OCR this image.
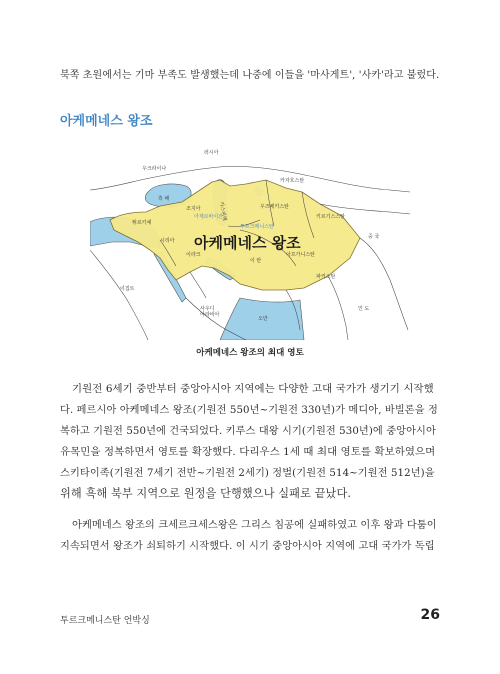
북쪽 초원에서는 기마 부족도 발생했는데 나중에 이들을 '마사게트', '사카'라고 불렀다.
아케메네스 왕조
러시아
우크라이나
카자흐스탄
흑 해
카스피해	우즈베키스탄
키르기스스탄
투르크메니스탄
튀르키예
조지아
아제르바이잔
시리아
이라크
이 란
아프가니스탄
파키스탄
중 국
이집트
사우디 아라비아
오만
인 도
아케메네스 왕조
아케메네스 왕조의 최대 영토
기원전 6세기 중반부터 중앙아시아 지역에는 다양한 고대 국가가 생기기 시작했
다. 페르시아 아케메네스 왕조(기원전 550년~기원전 330년)가 메디아, 바빌론을 정
복하고 기원전 550년에 건국되었다. 키루스 대왕 시기(기원전 530년)에 중앙아시아
유목민을 정복하면서 영토를 확장했다. 다리우스 1세 때 최대 영토를 확보하였으며
스키타이족(기원전 7세기 전반~기원전 2세기) 정벌(기원전 514~기원전 512년)을
위해 흑해 북부 지역으로 원정을 단행했으나 실패로 끝났다.
아케메네스 왕조의 크세르크세스왕은 그리스 침공에 실패하였고 이후 왕과 다툼이
지속되면서 왕조가 쇠퇴하기 시작했다. 이 시기 중앙아시아 지역에 고대 국가가 독립
투르크메니스탄 언박싱	26
